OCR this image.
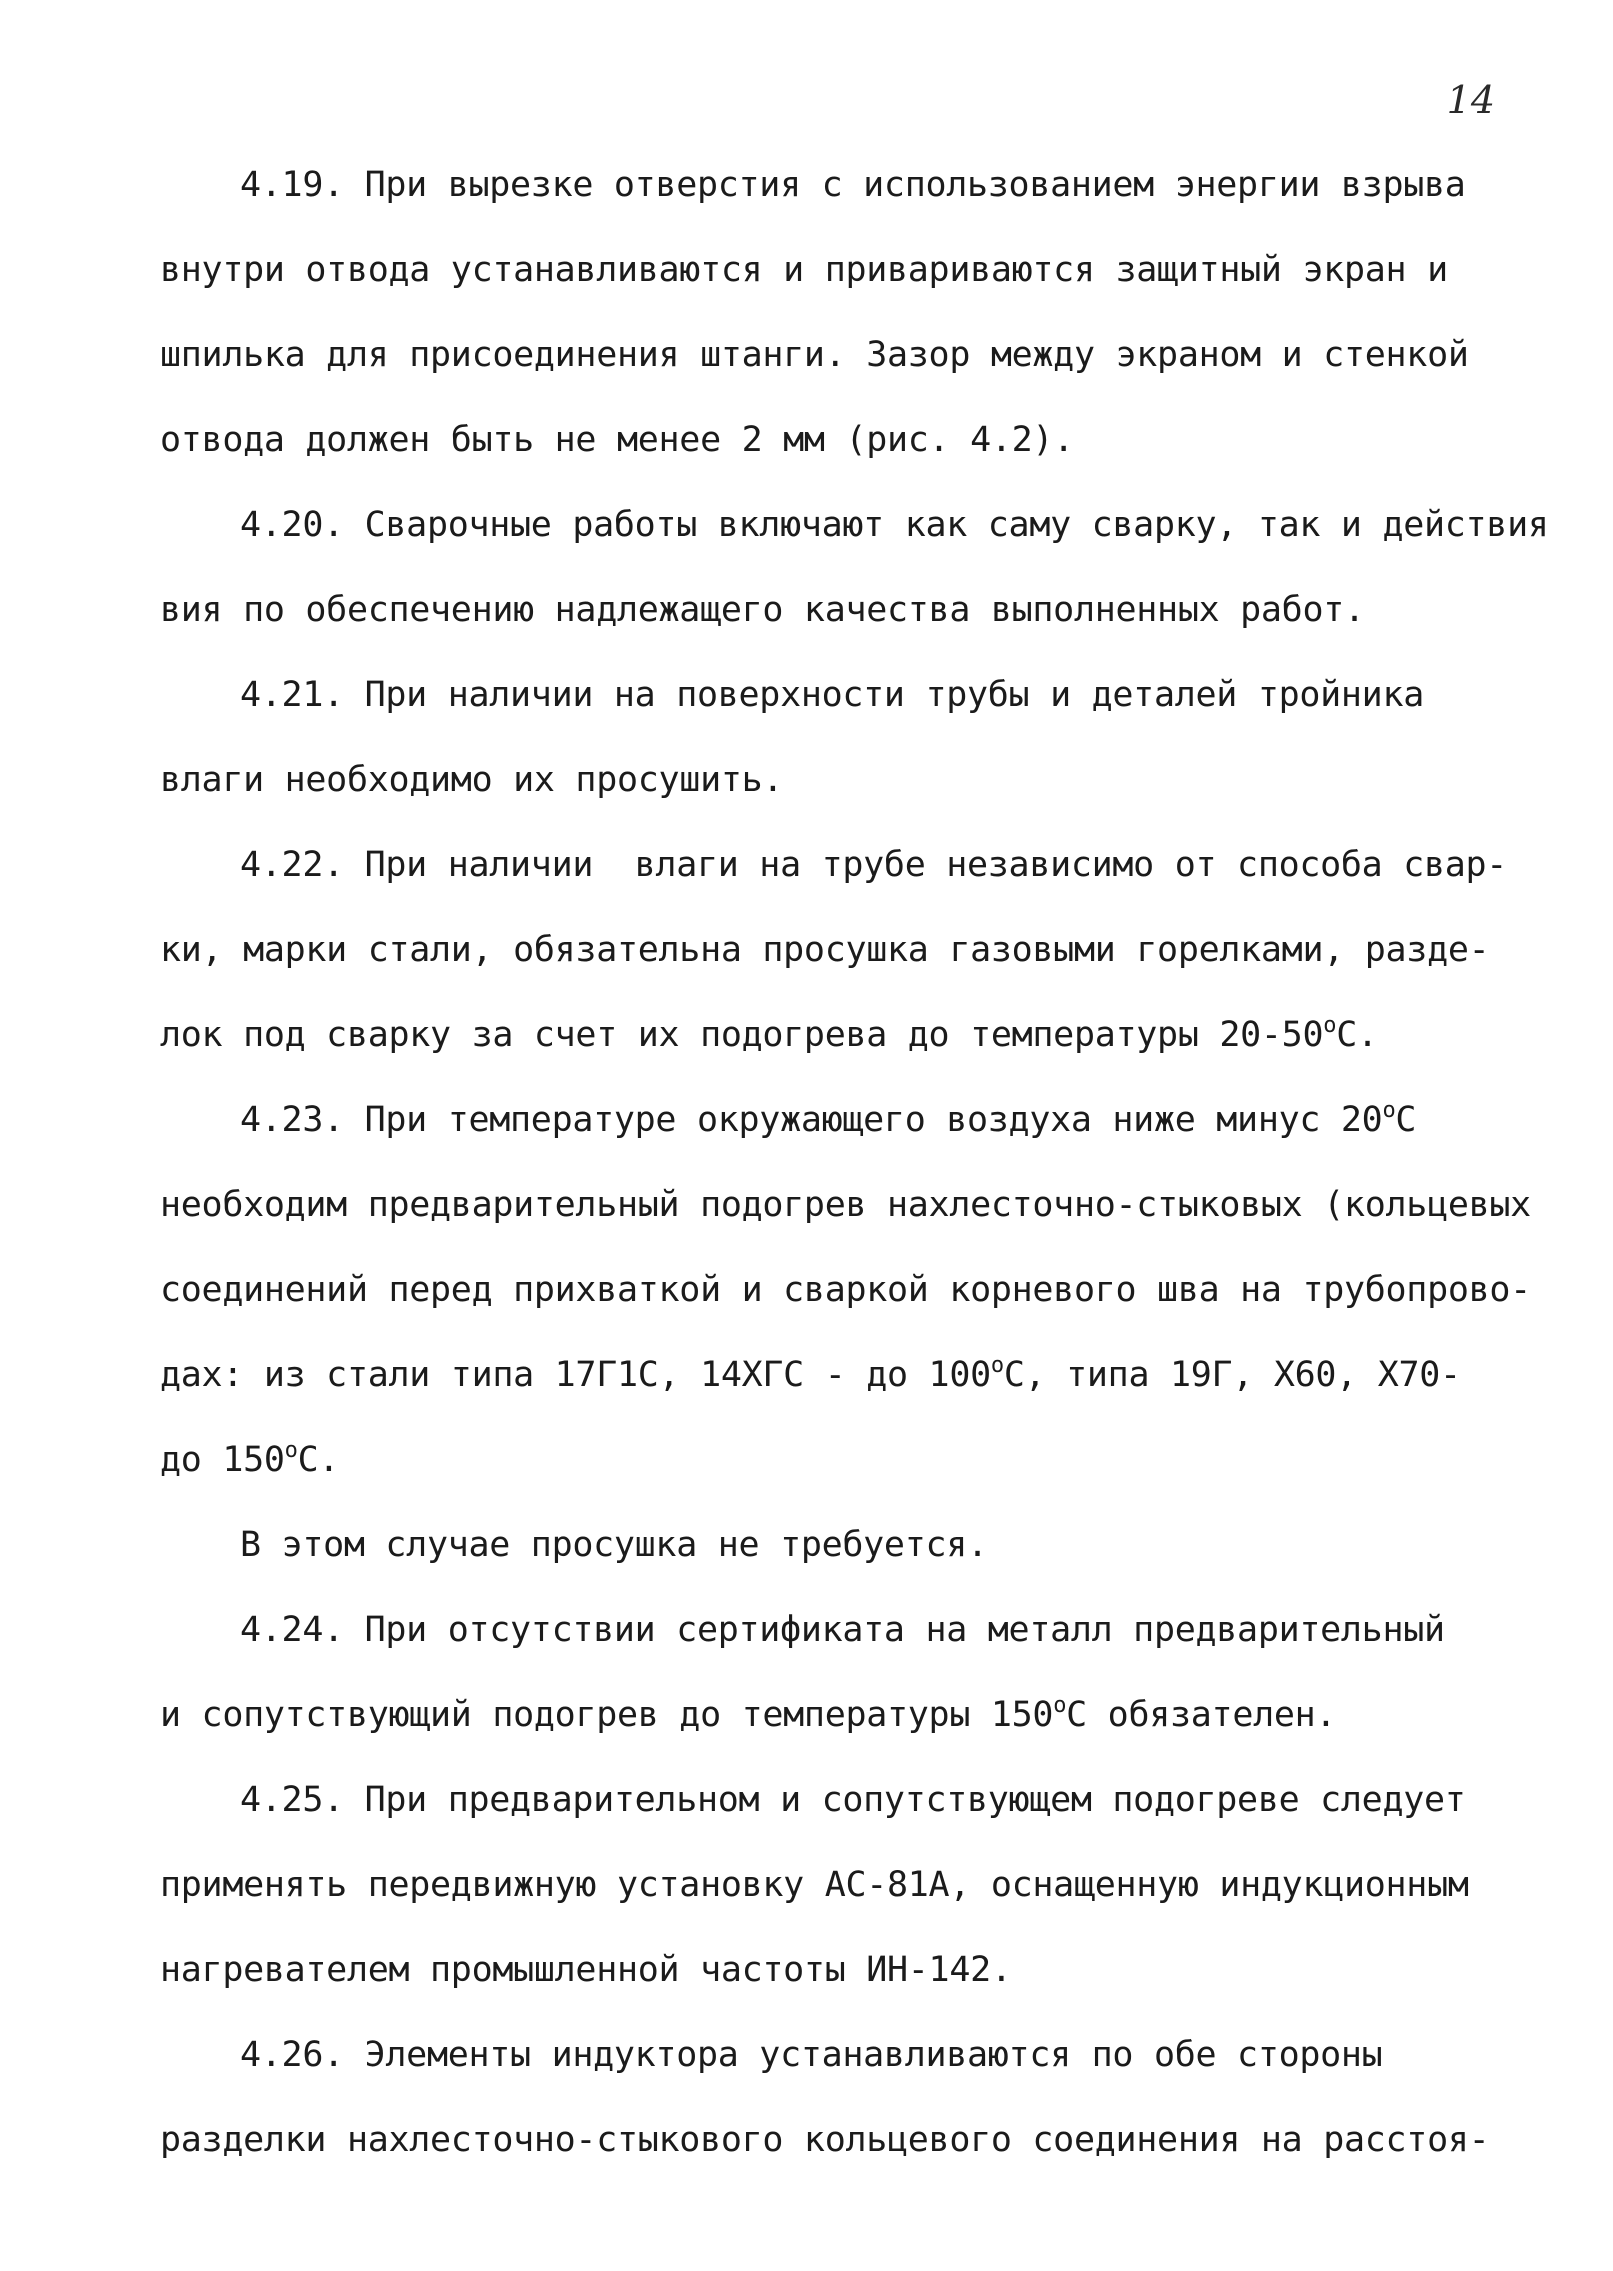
14
4.19. При вырезке отверстия с использованием энергии взрыва
внутри отвода устанавливаются и привариваются защитный экран и
шпилька для присоединения штанги. Зазор между экраном и стенкой
отвода должен быть не менее 2 мм (рис. 4.2).
4.20. Сварочные работы включают как саму сварку, так и действия
вия по обеспечению надлежащего качества выполненных работ.
4.21. При наличии на поверхности трубы и деталей тройника
влаги необходимо их просушить.
4.22. При наличии  влаги на трубе независимо от способа свар-
ки, марки стали, обязательна просушка газовыми горелками, разде-
лок под сварку за счет их подогрева до температуры 20-50$^o$C.
4.23. При температуре окружающего воздуха ниже минус 20$^o$C
необходим предварительный подогрев нахлесточно-стыковых (кольцевых
соединений перед прихваткой и сваркой корневого шва на трубопрово-
дах: из стали типа 17Г1С, 14ХГС - до 100$^o$C, типа 19Г, Х60, Х70-
до 150$^o$C.
В этом случае просушка не требуется.
4.24. При отсутствии сертификата на металл предварительный
и сопутствующий подогрев до температуры 150$^o$C обязателен.
4.25. При предварительном и сопутствующем подогреве следует
применять передвижную установку АС-81А, оснащенную индукционным
нагревателем промышленной частоты ИН-142.
4.26. Элементы индуктора устанавливаются по обе стороны
разделки нахлесточно-стыкового кольцевого соединения на расстоя-
